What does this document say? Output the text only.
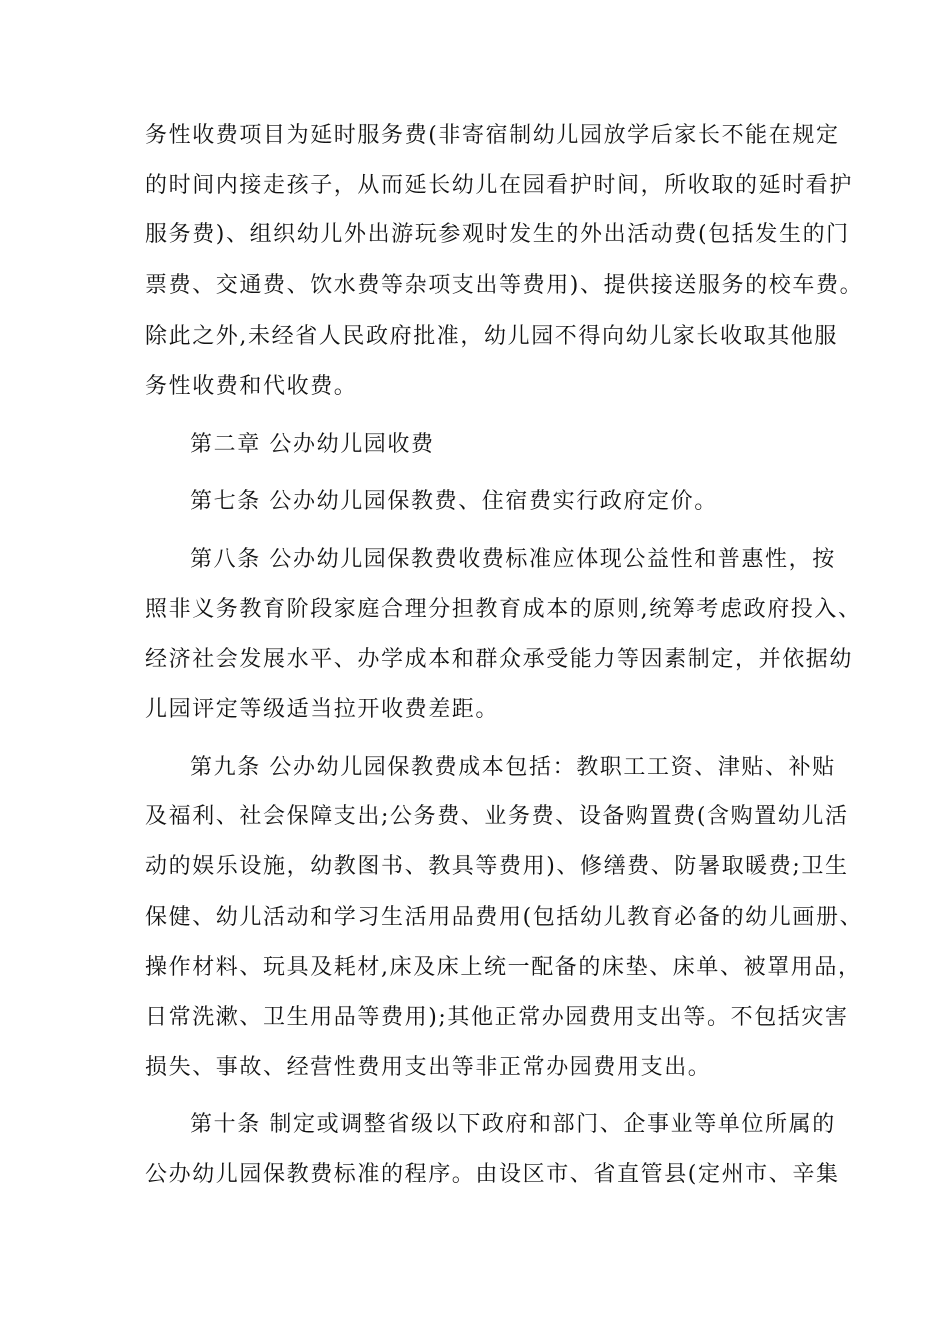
务性收费项目为延时服务费(非寄宿制幼儿园放学后家长不能在规定
的时间内接走孩子，从而延长幼儿在园看护时间，所收取的延时看护
服务费)、组织幼儿外出游玩参观时发生的外出活动费(包括发生的门
票费、交通费、饮水费等杂项支出等费用)、提供接送服务的校车费。
除此之外,未经省人民政府批准，幼儿园不得向幼儿家长收取其他服
务性收费和代收费。
第二章 公办幼儿园收费
第七条 公办幼儿园保教费、住宿费实行政府定价。
第八条 公办幼儿园保教费收费标准应体现公益性和普惠性，按
照非义务教育阶段家庭合理分担教育成本的原则,统筹考虑政府投入、
经济社会发展水平、办学成本和群众承受能力等因素制定，并依据幼
儿园评定等级适当拉开收费差距。
第九条 公办幼儿园保教费成本包括：教职工工资、津贴、补贴
及福利、社会保障支出;公务费、业务费、设备购置费(含购置幼儿活
动的娱乐设施，幼教图书、教具等费用)、修缮费、防暑取暖费;卫生
保健、幼儿活动和学习生活用品费用(包括幼儿教育必备的幼儿画册、
操作材料、玩具及耗材,床及床上统一配备的床垫、床单、被罩用品，
日常洗漱、卫生用品等费用);其他正常办园费用支出等。不包括灾害
损失、事故、经营性费用支出等非正常办园费用支出。
第十条 制定或调整省级以下政府和部门、企事业等单位所属的
公办幼儿园保教费标准的程序。由设区市、省直管县(定州市、辛集
